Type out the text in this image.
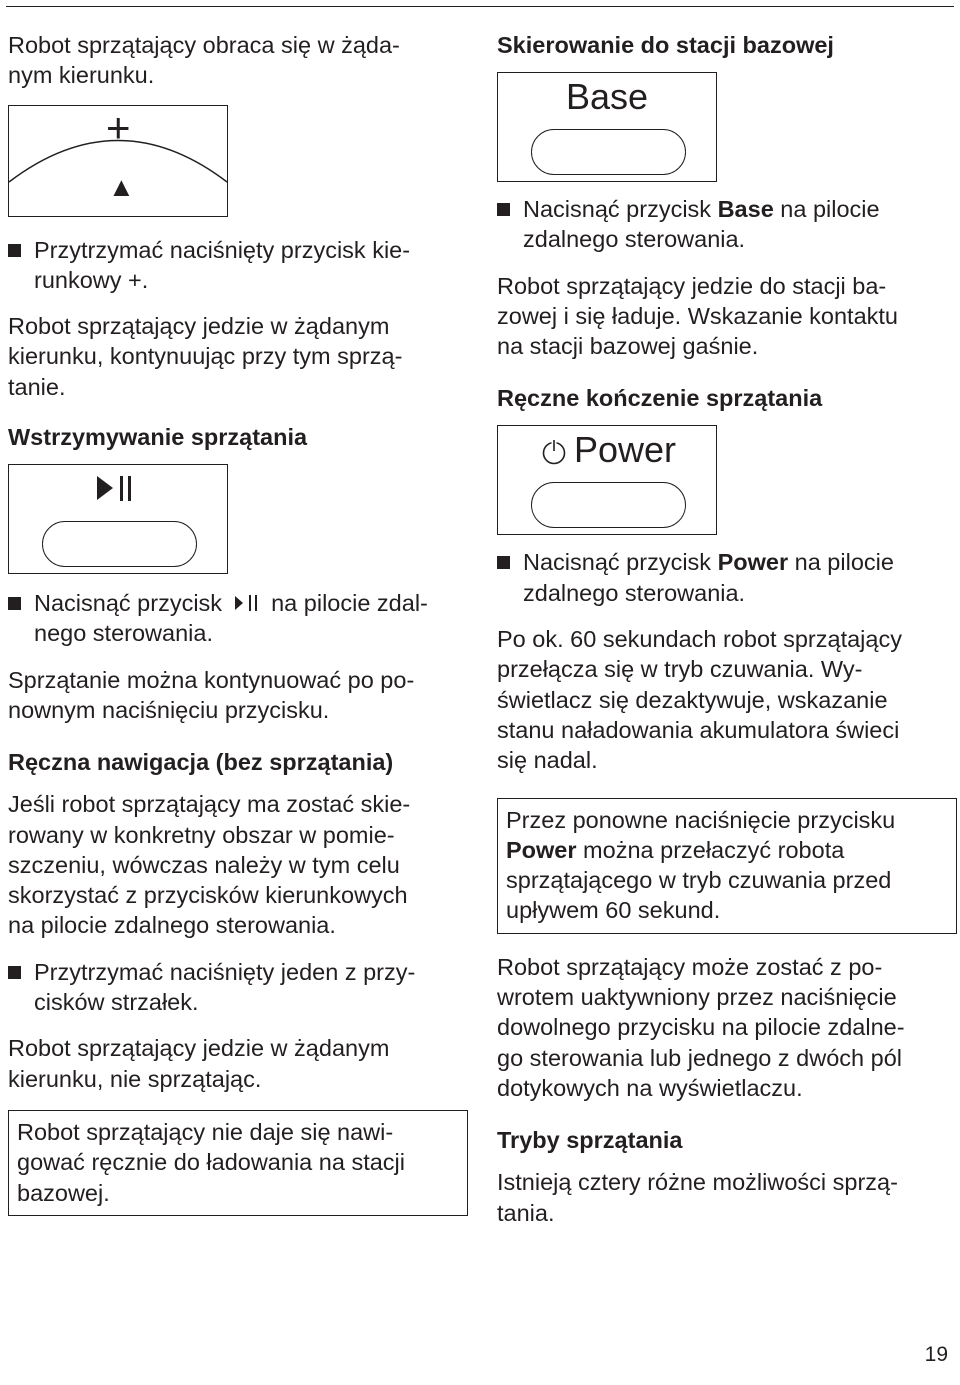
Robot sprzątający obraca się w żąda-
nym kierunku.

+
▲

Przytrzymać naciśnięty przycisk kie-
runkowy +.

Robot sprzątający jedzie w żądanym
kierunku, kontynuując przy tym sprzą-
tanie.

Wstrzymywanie sprzątania

Nacisnąć przycisk na pilocie zdal-
nego sterowania.

Sprzątanie można kontynuować po po-
nownym naciśnięciu przycisku.

Ręczna nawigacja (bez sprzątania)

Jeśli robot sprzątający ma zostać skie-
rowany w konkretny obszar w pomie-
szczeniu, wówczas należy w tym celu
skorzystać z przycisków kierunkowych
na pilocie zdalnego sterowania.

Przytrzymać naciśnięty jeden z przy-
cisków strzałek.

Robot sprzątający jedzie w żądanym
kierunku, nie sprzątając.

Robot sprzątający nie daje się nawi-
gować ręcznie do ładowania na stacji
bazowej.

Skierowanie do stacji bazowej
Base

Nacisnąć przycisk Base na pilocie
zdalnego sterowania.

Robot sprzątający jedzie do stacji ba-
zowej i się ładuje. Wskazanie kontaktu
na stacji bazowej gaśnie.

Ręczne kończenie sprzątania
Power

Nacisnąć przycisk Power na pilocie
zdalnego sterowania.

Po ok. 60 sekundach robot sprzątający
przełącza się w tryb czuwania. Wy-
świetlacz się dezaktywuje, wskazanie
stanu naładowania akumulatora świeci
się nadal.

Przez ponowne naciśnięcie przycisku
Power można przełaczyć robota
sprzątającego w tryb czuwania przed
upływem 60 sekund.

Robot sprzątający może zostać z po-
wrotem uaktywniony przez naciśnięcie
dowolnego przycisku na pilocie zdalne-
go sterowania lub jednego z dwóch pól
dotykowych na wyświetlaczu.

Tryby sprzątania

Istnieją cztery różne możliwości sprzą-
tania.

19
